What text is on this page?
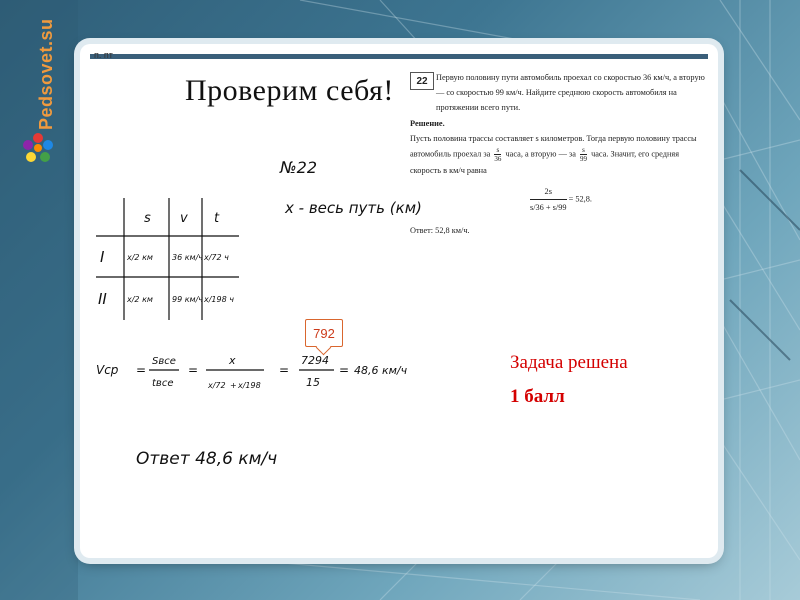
Pedsovet.su	п. пт
Проверим себя!
№22
x - весь путь (км)
s v t
I	x/2 км 36 км/ч x/72 ч
II	x/2 км 99 км/ч x/198 ч
Vср =
Sвсе
tвсе
=
x
x/72 + x/198
=
7294
15
= 48,6 км/ч
Ответ 48,6 км/ч
792
22	Первую половину пути автомобиль проехал со скоростью 36 км/ч, а вторую — со скоростью 99 км/ч. Найдите среднюю скорость автомобиля на протяжении всего пути.
Решение.
Пусть половина трассы составляет s километров. Тогда первую половину трассы автомобиль проехал за $\frac{s}{36}$ часа, а вторую — за $\frac{s}{99}$ часа. Значит, его средняя скорость в км/ч равна
$\frac{2s}{s/36 + s/99} = 52,8$.
Ответ: 52,8 км/ч.
Задача решена
1 балл
